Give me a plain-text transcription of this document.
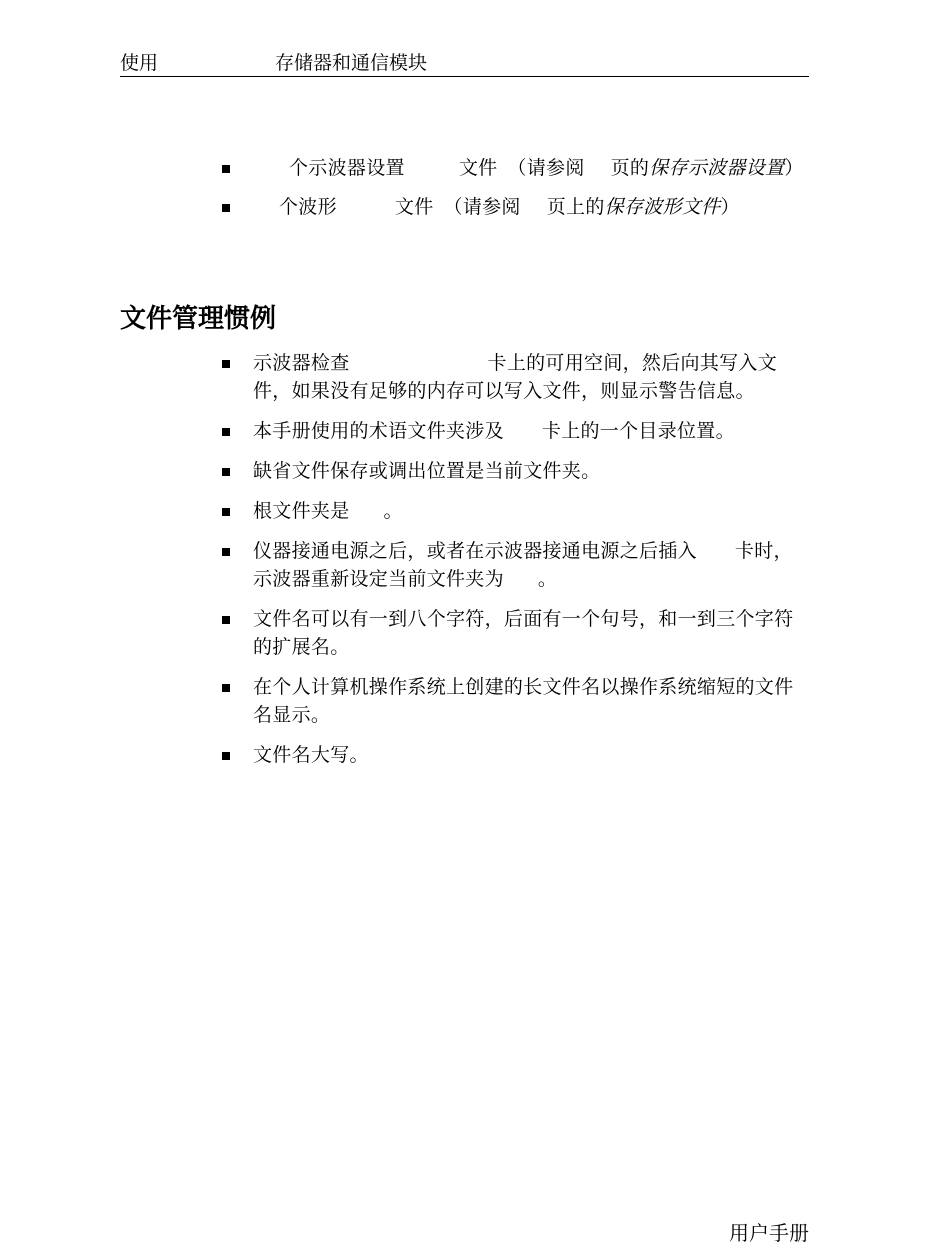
使用	存储器和通信模块
个示波器设置	文件 （请参阅 页的保存示波器设置）
个波形	文件 （请参阅 页上的保存波形文件）
文件管理惯例
示波器检查	卡上的可用空间，然后向其写入文件，如果没有足够的内存可以写入文件，则显示警告信息。
本手册使用的术语文件夹涉及 卡上的一个目录位置。
缺省文件保存或调出位置是当前文件夹。
根文件夹是 。
仪器接通电源之后，或者在示波器接通电源之后插入 卡时，示波器重新设定当前文件夹为 。
文件名可以有一到八个字符，后面有一个句号，和一到三个字符的扩展名。
在个人计算机操作系统上创建的长文件名以操作系统缩短的文件名显示。
文件名大写。
用户手册
